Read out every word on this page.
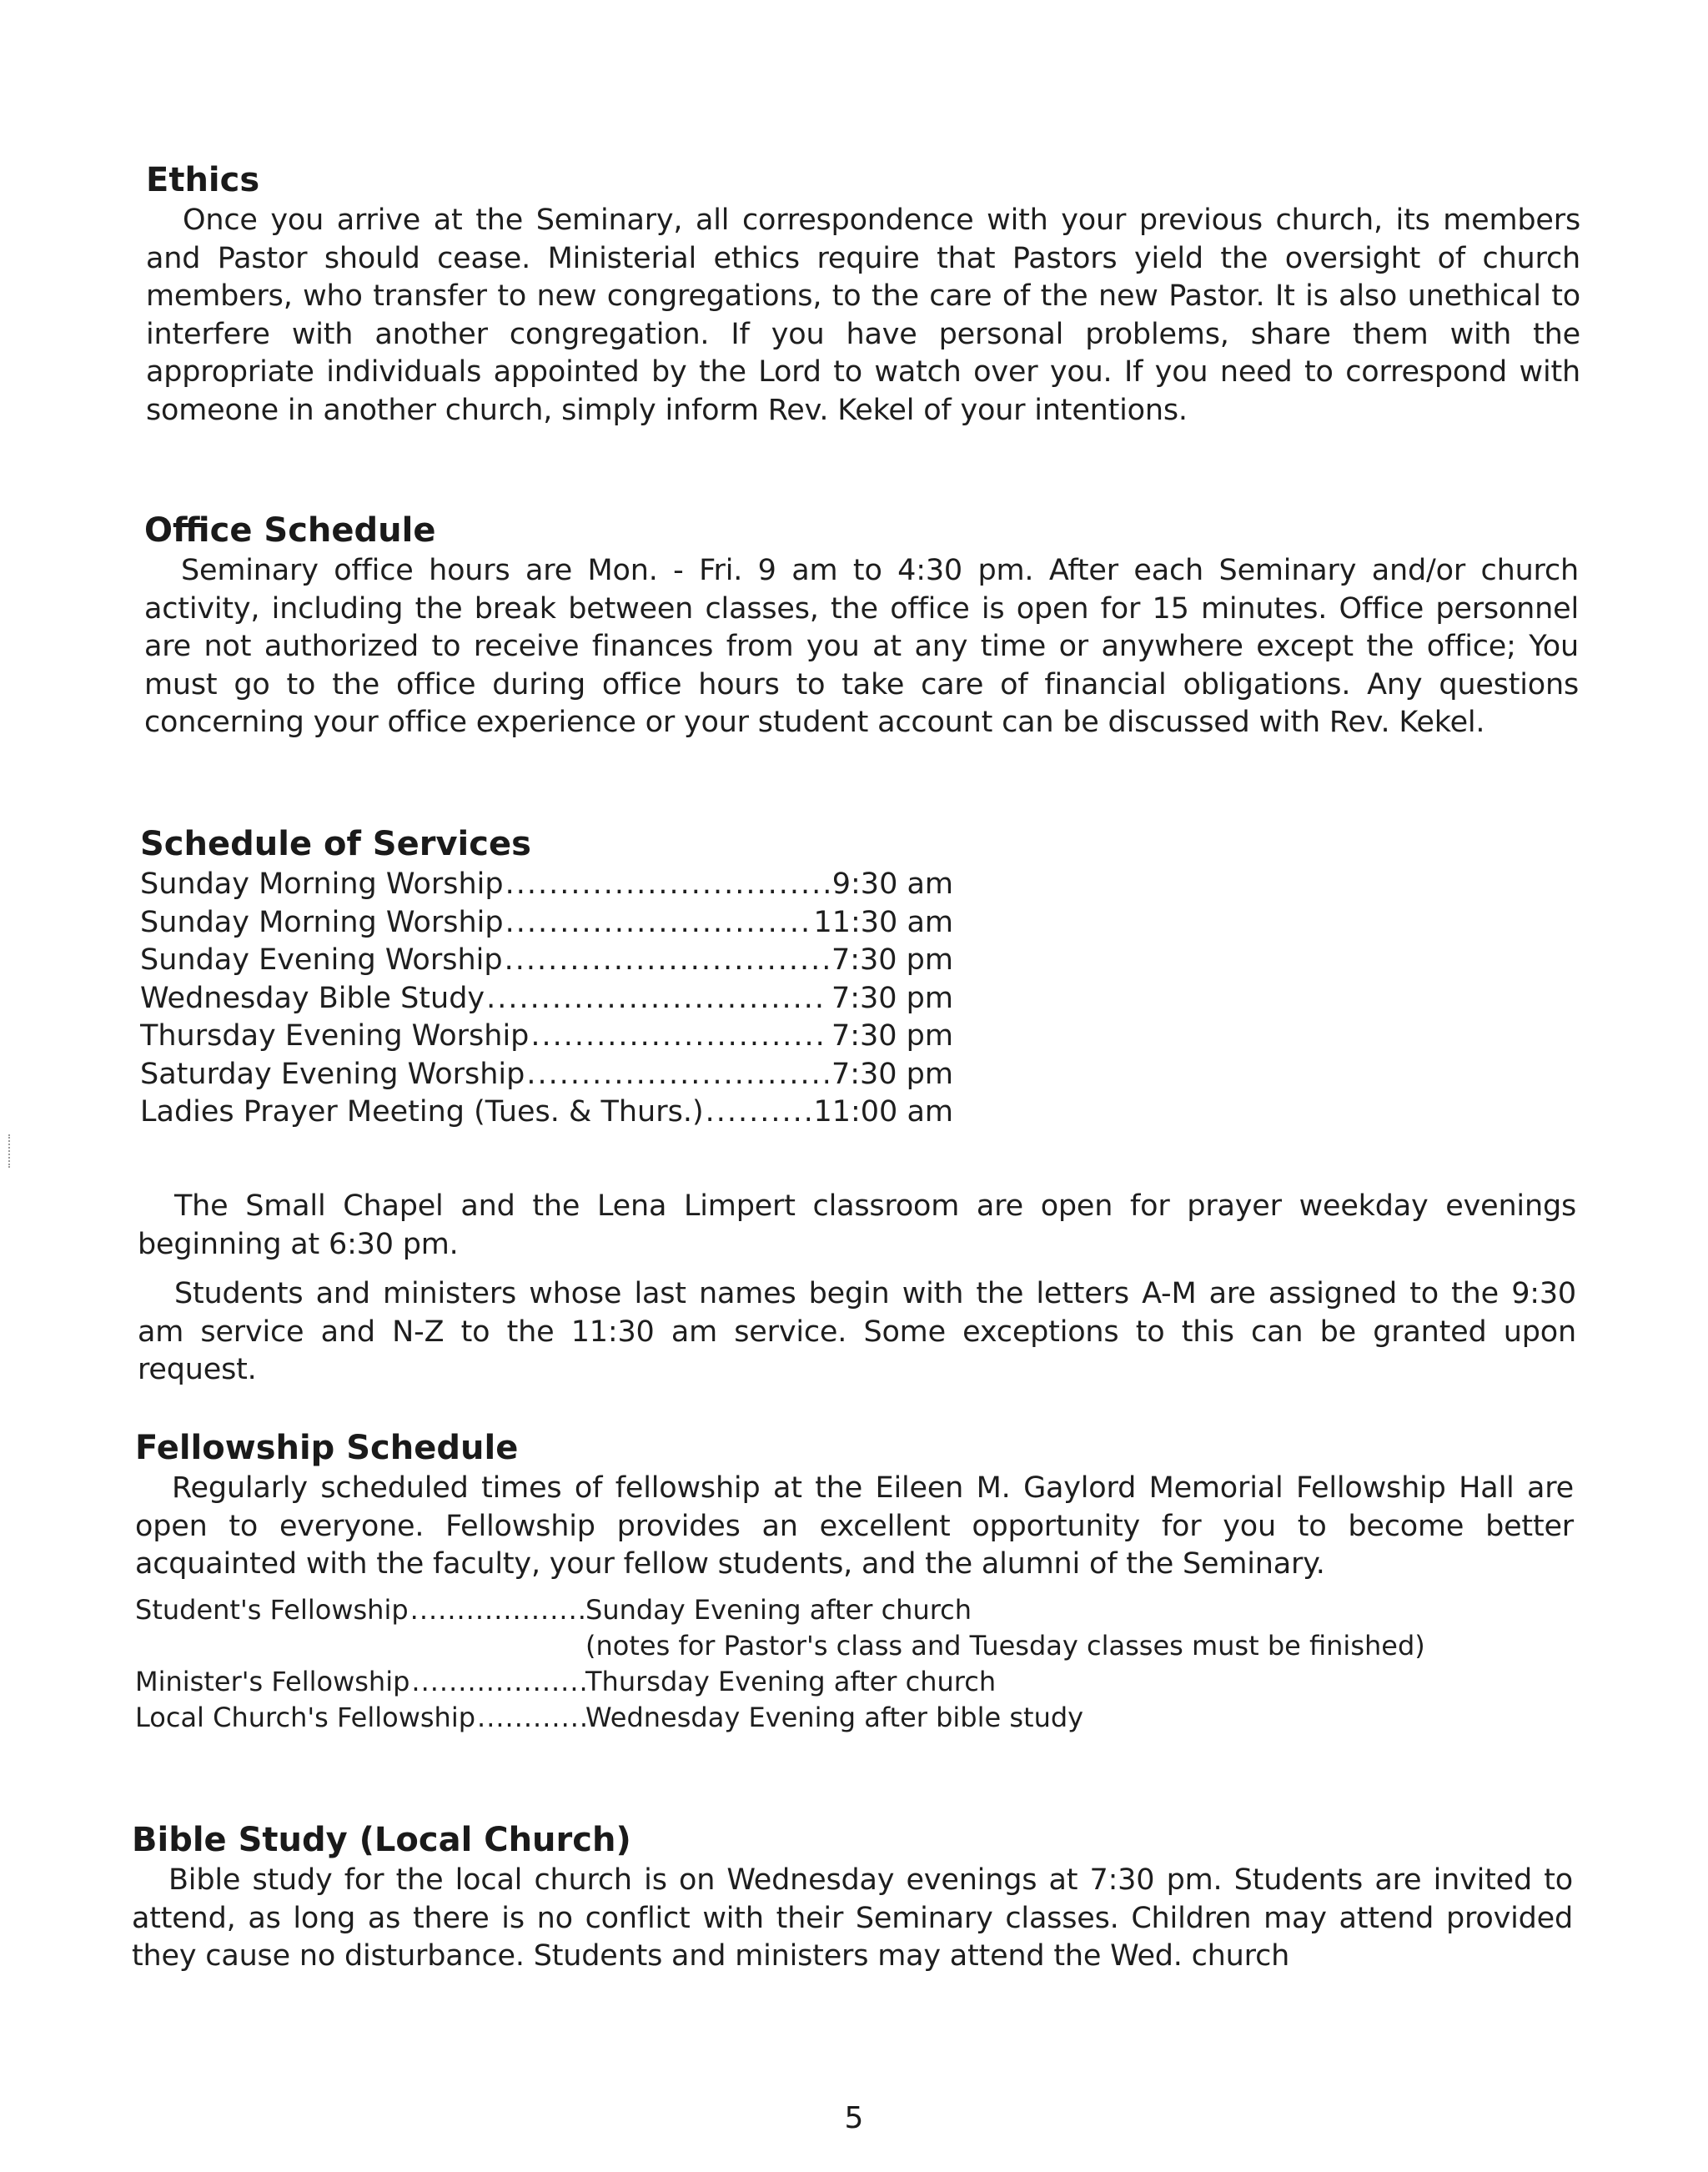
Ethics

Once you arrive at the Seminary, all correspondence with your previous church, its members and Pastor should cease. Ministerial ethics require that Pastors yield the oversight of church members, who transfer to new congregations, to the care of the new Pastor. It is also unethical to interfere with another congregation. If you have personal problems, share them with the appropriate individuals appointed by the Lord to watch over you. If you need to correspond with someone in another church, simply inform Rev. Kekel of your intentions.

Office Schedule

Seminary office hours are Mon. - Fri. 9 am to 4:30 pm. After each Seminary and/or church activity, including the break between classes, the office is open for 15 minutes. Office personnel are not authorized to receive finances from you at any time or anywhere except the office; You must go to the office during office hours to take care of financial obligations. Any questions concerning your office experience or your student account can be discussed with Rev. Kekel.

Schedule of Services
Sunday Morning Worship .....	9:30 am
Sunday Morning Worship .....	11:30 am
Sunday Evening Worship .....	7:30 pm
Wednesday Bible Study .....	7:30 pm
Thursday Evening Worship .....	7:30 pm
Saturday Evening Worship .....	7:30 pm
Ladies Prayer Meeting (Tues. & Thurs.) .....	11:00 am

The Small Chapel and the Lena Limpert classroom are open for prayer weekday evenings beginning at 6:30 pm.

Students and ministers whose last names begin with the letters A-M are assigned to the 9:30 am service and N-Z to the 11:30 am service. Some exceptions to this can be granted upon request.

Fellowship Schedule

Regularly scheduled times of fellowship at the Eileen M. Gaylord Memorial Fellowship Hall are open to everyone. Fellowship provides an excellent opportunity for you to become better acquainted with the faculty, your fellow students, and the alumni of the Seminary.

Student's Fellowship .....	Sunday Evening after church
(notes for Pastor's class and Tuesday classes must be finished)
Minister's Fellowship .....	Thursday Evening after church
Local Church's Fellowship .....	Wednesday Evening after bible study
Bible Study (Local Church)

Bible study for the local church is on Wednesday evenings at 7:30 pm. Students are invited to attend, as long as there is no conflict with their Seminary classes. Children may attend provided they cause no disturbance. Students and ministers may attend the Wed. church

5
